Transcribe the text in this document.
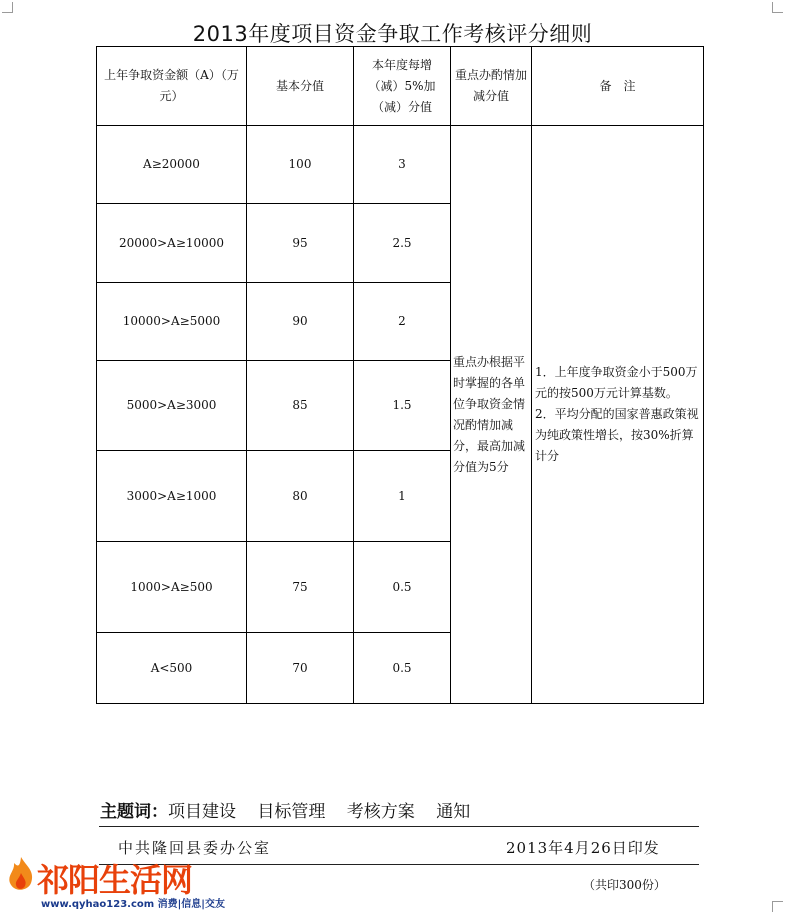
2013年度项目资金争取工作考核评分细则
上年争取资金额（A）（万元）	基本分值	本年度每增（减）5%加（减）分值	重点办酌情加减分值	备　注
A≥20000	100	3	重点办根据平时掌握的各单位争取资金情况酌情加减分，最高加减分值为5分	1．上年度争取资金小于500万元的按500万元计算基数。　　　2．平均分配的国家普惠政策视为纯政策性增长，按30%折算计分
20000>A≥10000	95	2.5		
10000>A≥5000	90	2		
5000>A≥3000	85	1.5		
3000>A≥1000	80	1		
1000>A≥500	75	0.5		
A<500	70	0.5		
主题词：项目建设 目标管理 考核方案 通知
中共隆回县委办公室	2013年4月26日印发
（共印300份）
祁阳生活网
www.qyhao123.com 消费|信息|交友
